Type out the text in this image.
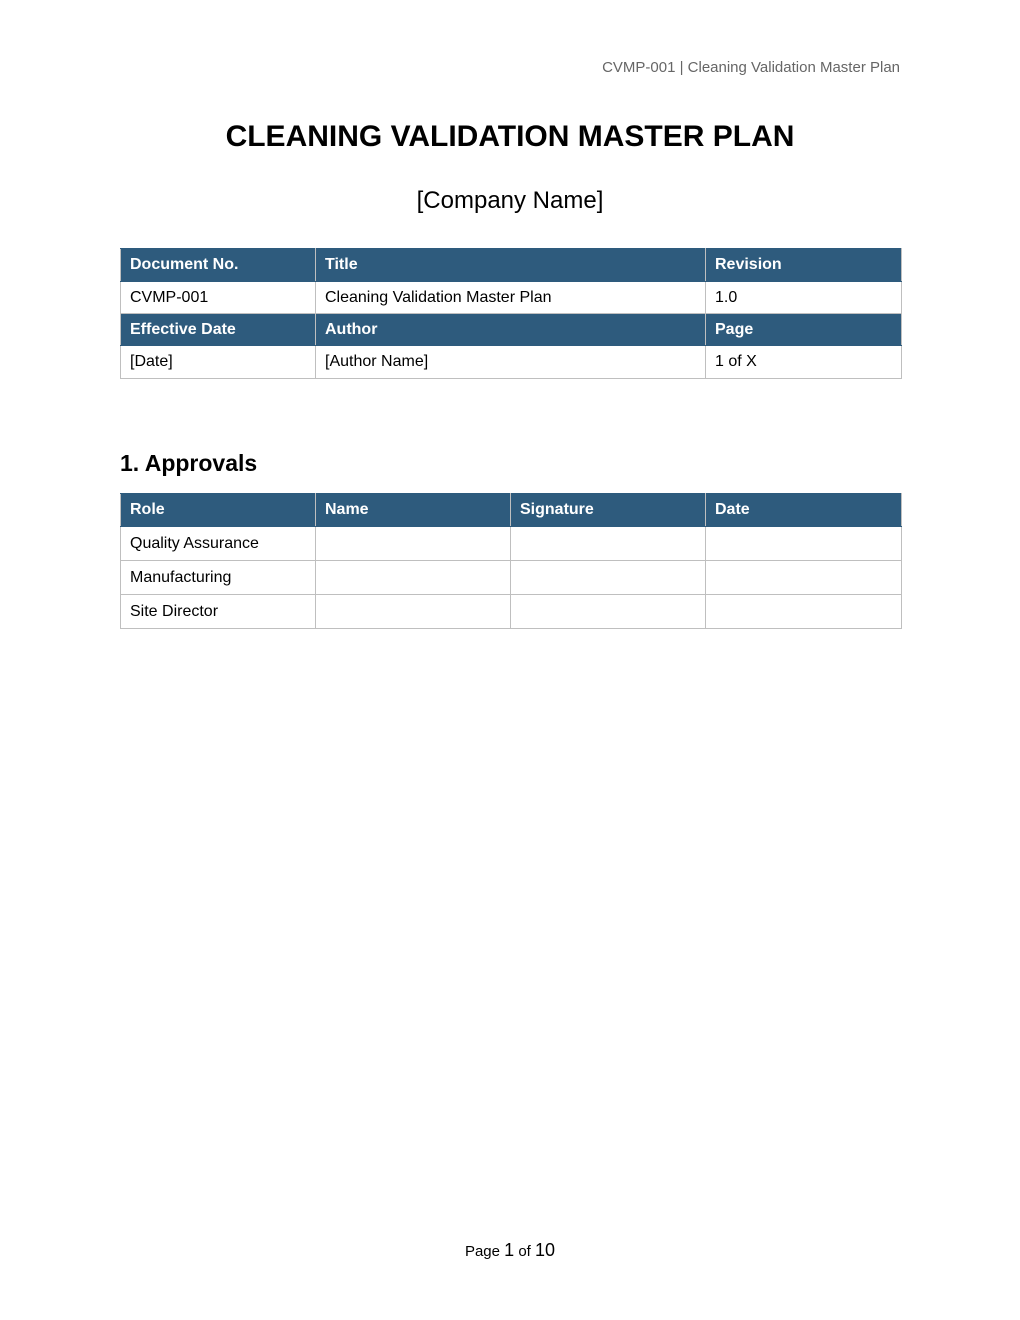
CVMP-001 | Cleaning Validation Master Plan
CLEANING VALIDATION MASTER PLAN
[Company Name]
Document No.	Title	Revision
CVMP-001	Cleaning Validation Master Plan	1.0
Effective Date	Author	Page
[Date]	[Author Name]	1 of X
1. Approvals
Role	Name	Signature	Date
Quality Assurance			
Manufacturing			
Site Director			
Page 1 of 10
